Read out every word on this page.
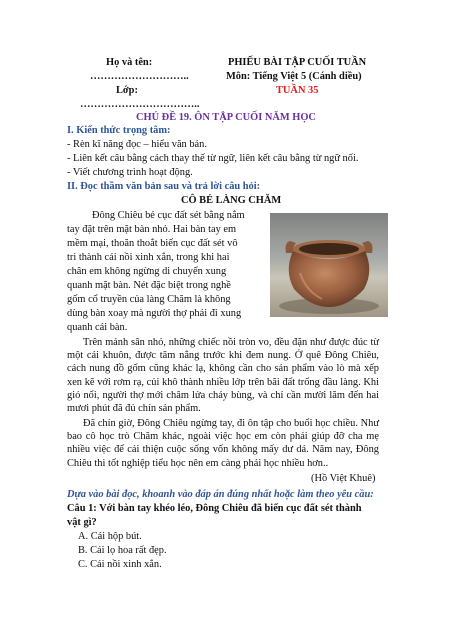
Họ và tên:
………………………..
Lớp:
……………………………..
PHIẾU BÀI TẬP CUỐI TUẦN
Môn: Tiếng Việt 5 (Cánh diều)
TUẦN 35
CHỦ ĐỀ 19. ÔN TẬP CUỐI NĂM HỌC
I. Kiến thức trọng tâm:
- Rèn kĩ năng đọc – hiểu văn bản.
- Liên kết câu bằng cách thay thế từ ngữ, liên kết câu bằng từ ngữ nối.
- Viết chương trình hoạt động.
II. Đọc thầm văn bản sau và trả lời câu hỏi:
CÔ BÉ LÀNG CHĂM
Đông Chiêu bẻ cục đất sét bằng nắm
tay đặt trên mặt bàn nhỏ. Hai bàn tay em
mềm mại, thoăn thoắt biến cục đất sét vô
tri thành cái nồi xinh xắn, trong khi hai
chân em không ngừng di chuyển xung
quanh mặt bàn. Nét đặc biệt trong nghề
gốm cổ truyền của làng Chăm là không
dùng bàn xoay mà người thợ phải đi xung
quanh cái bàn.
Trên mảnh sân nhỏ, những chiếc nồi tròn vo, đều đặn như được đúc từ một cái khuôn, được tăm nắng trước khi đem nung. Ở quê Đông Chiêu, cách nung đồ gốm cũng khác lạ, không cần cho sản phẩm vào lò mà xếp xen kẽ với rơm rạ, củi khô thành nhiều lớp trên bãi đất trống đầu làng. Khi gió nổi, người thợ mới châm lửa cháy bùng, và chỉ cần mười lăm đến hai mươi phút đã đủ chín sản phẩm.
Đã chín giờ, Đông Chiêu ngừng tay, đi ôn tập cho buổi học chiều. Như bao cô học trò Chăm khác, ngoài việc học em còn phải giúp đỡ cha mẹ nhiều việc để cải thiện cuộc sống vốn không mấy dư dả. Năm nay, Đông Chiêu thi tốt nghiệp tiểu học nên em càng phải học nhiều hơn..
(Hồ Việt Khuê)
Dựa vào bài đọc, khoanh vào đáp án đúng nhất hoặc làm theo yêu cầu:
Câu 1: Với bàn tay khéo léo, Đông Chiêu đã biến cục đất sét thành
vật gì?
A. Cái hộp bút.
B. Cái lọ hoa rất đẹp.
C. Cái nồi xinh xắn.
